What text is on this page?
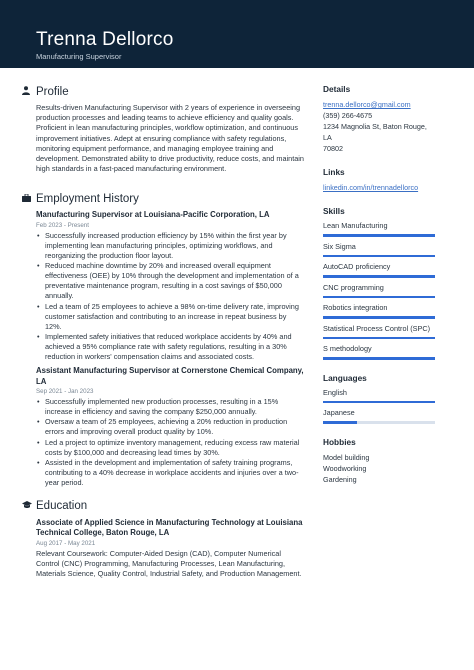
Trenna Dellorco
Manufacturing Supervisor
Profile

Results-driven Manufacturing Supervisor with 2 years of experience in overseeing production processes and leading teams to achieve efficiency and quality goals. Proficient in lean manufacturing principles, workflow optimization, and continuous improvement initiatives. Adept at ensuring compliance with safety regulations, monitoring equipment performance, and managing employee training and development. Demonstrated ability to drive productivity, reduce costs, and maintain high standards in a fast-paced manufacturing environment.

Employment History
Manufacturing Supervisor at Louisiana-Pacific Corporation, LA
Feb 2023 - Present
• Successfully increased production efficiency by 15% within the first year by implementing lean manufacturing principles, optimizing workflows, and reorganizing the production floor layout.
• Reduced machine downtime by 20% and increased overall equipment effectiveness (OEE) by 10% through the development and implementation of a preventative maintenance program, resulting in a cost savings of $50,000 annually.
• Led a team of 25 employees to achieve a 98% on-time delivery rate, improving customer satisfaction and contributing to an increase in repeat business by 12%.
• Implemented safety initiatives that reduced workplace accidents by 40% and achieved a 95% compliance rate with safety regulations, resulting in a 30% reduction in workers' compensation claims and associated costs.
Assistant Manufacturing Supervisor at Cornerstone Chemical Company, LA
Sep 2021 - Jan 2023
• Successfully implemented new production processes, resulting in a 15% increase in efficiency and saving the company $250,000 annually.
• Oversaw a team of 25 employees, achieving a 20% reduction in production errors and improving overall product quality by 10%.
• Led a project to optimize inventory management, reducing excess raw material costs by $100,000 and decreasing lead times by 30%.
• Assisted in the development and implementation of safety training programs, contributing to a 40% decrease in workplace accidents and injuries over a two-year period.
Education
Associate of Applied Science in Manufacturing Technology at Louisiana Technical College, Baton Rouge, LA
Aug 2017 - May 2021

Relevant Coursework: Computer-Aided Design (CAD), Computer Numerical Control (CNC) Programming, Manufacturing Processes, Lean Manufacturing, Materials Science, Quality Control, Industrial Safety, and Production Management.

Details
trenna.dellorco@gmail.com
(359) 266-4675
1234 Magnolia St, Baton Rouge, LA
70802
Links
linkedin.com/in/trennadellorco
Skills
Lean Manufacturing
Six Sigma
AutoCAD proficiency
CNC programming
Robotics integration
Statistical Process Control (SPC)
S methodology
Languages
English
Japanese
Hobbies
Model building
Woodworking
Gardening
